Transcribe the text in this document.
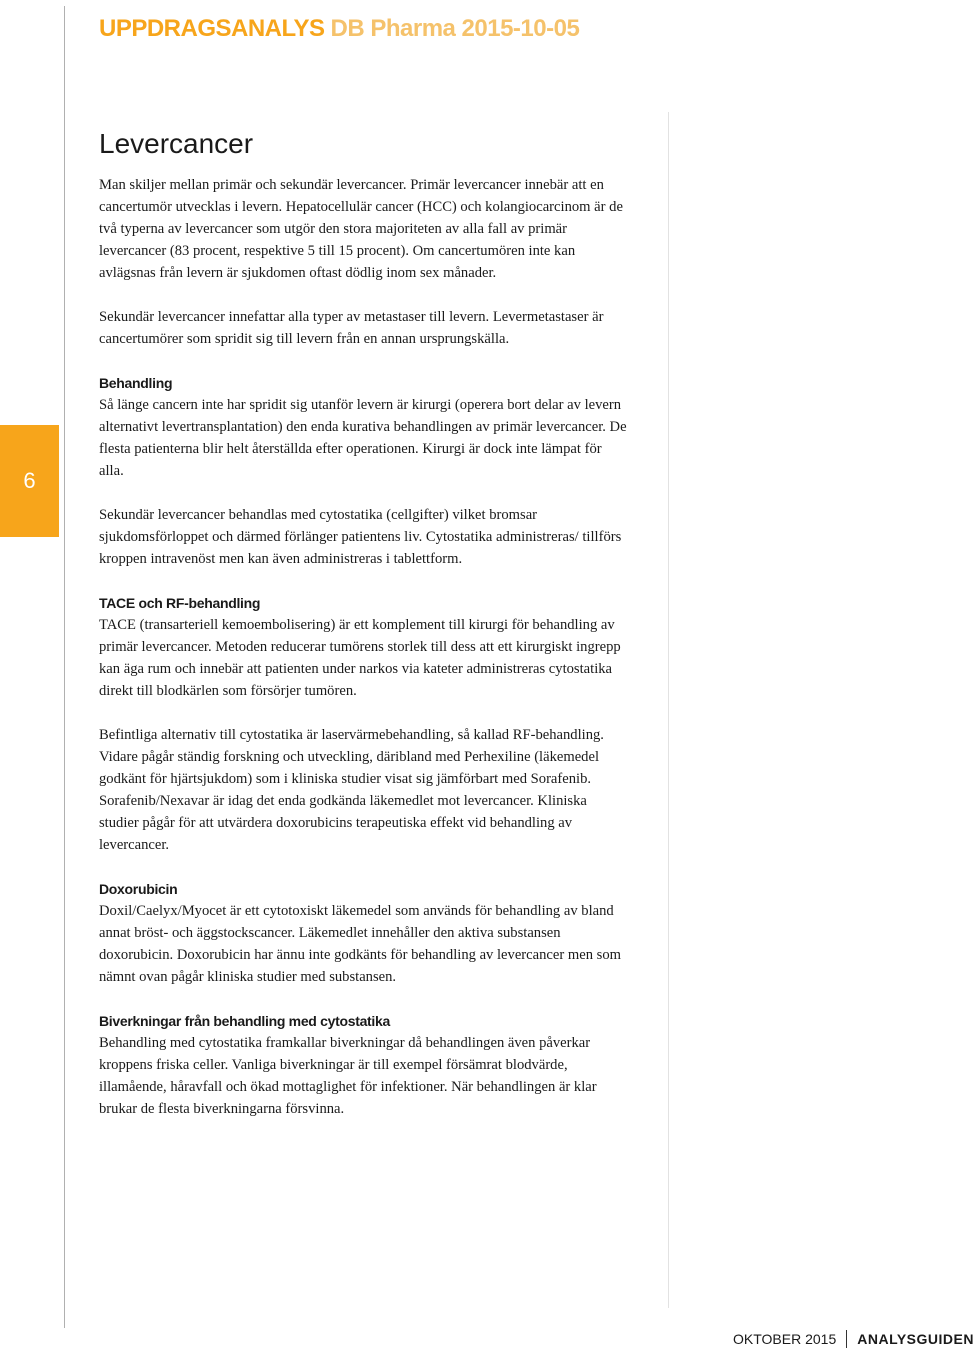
UPPDRAGSANALYS DB Pharma 2015-10-05
6
Levercancer

Man skiljer mellan primär och sekundär levercancer. Primär levercancer innebär att en cancertumör utvecklas i levern. Hepatocellulär cancer (HCC) och kolangiocarcinom är de två typerna av levercancer som utgör den stora majoriteten av alla fall av primär levercancer (83 procent, respektive 5 till 15 procent). Om cancertumören inte kan avlägsnas från levern är sjukdomen oftast dödlig inom sex månader.

Sekundär levercancer innefattar alla typer av metastaser till levern. Levermetastaser är cancertumörer som spridit sig till levern från en annan ursprungskälla.

Behandling

Så länge cancern inte har spridit sig utanför levern är kirurgi (operera bort delar av levern alternativt levertransplantation) den enda kurativa behandlingen av primär levercancer. De flesta patienterna blir helt återställda efter operationen. Kirurgi är dock inte lämpat för alla.

Sekundär levercancer behandlas med cytostatika (cellgifter) vilket bromsar sjukdomsförloppet och därmed förlänger patientens liv. Cytostatika administreras/ tillförs kroppen intravenöst men kan även administreras i tablettform.

TACE och RF-behandling

TACE (transarteriell kemoembolisering) är ett komplement till kirurgi för behandling av primär levercancer. Metoden reducerar tumörens storlek till dess att ett kirurgiskt ingrepp kan äga rum och innebär att patienten under narkos via kateter administreras cytostatika direkt till blodkärlen som försörjer tumören.

Befintliga alternativ till cytostatika är laservärmebehandling, så kallad RF-behandling. Vidare pågår ständig forskning och utveckling, däribland med Perhexiline (läkemedel godkänt för hjärtsjukdom) som i kliniska studier visat sig jämförbart med Sorafenib. Sorafenib/Nexavar är idag det enda godkända läkemedlet mot levercancer. Kliniska studier pågår för att utvärdera doxorubicins terapeutiska effekt vid behandling av levercancer.

Doxorubicin

Doxil/Caelyx/Myocet är ett cytotoxiskt läkemedel som används för behandling av bland annat bröst- och äggstockscancer. Läkemedlet innehåller den aktiva substansen doxorubicin. Doxorubicin har ännu inte godkänts för behandling av levercancer men som nämnt ovan pågår kliniska studier med substansen.

Biverkningar från behandling med cytostatika

Behandling med cytostatika framkallar biverkningar då behandlingen även påverkar kroppens friska celler. Vanliga biverkningar är till exempel försämrat blodvärde, illamående, håravfall och ökad mottaglighet för infektioner. När behandlingen är klar brukar de flesta biverkningarna försvinna.

OKTOBER 2015 ANALYSGUIDEN
